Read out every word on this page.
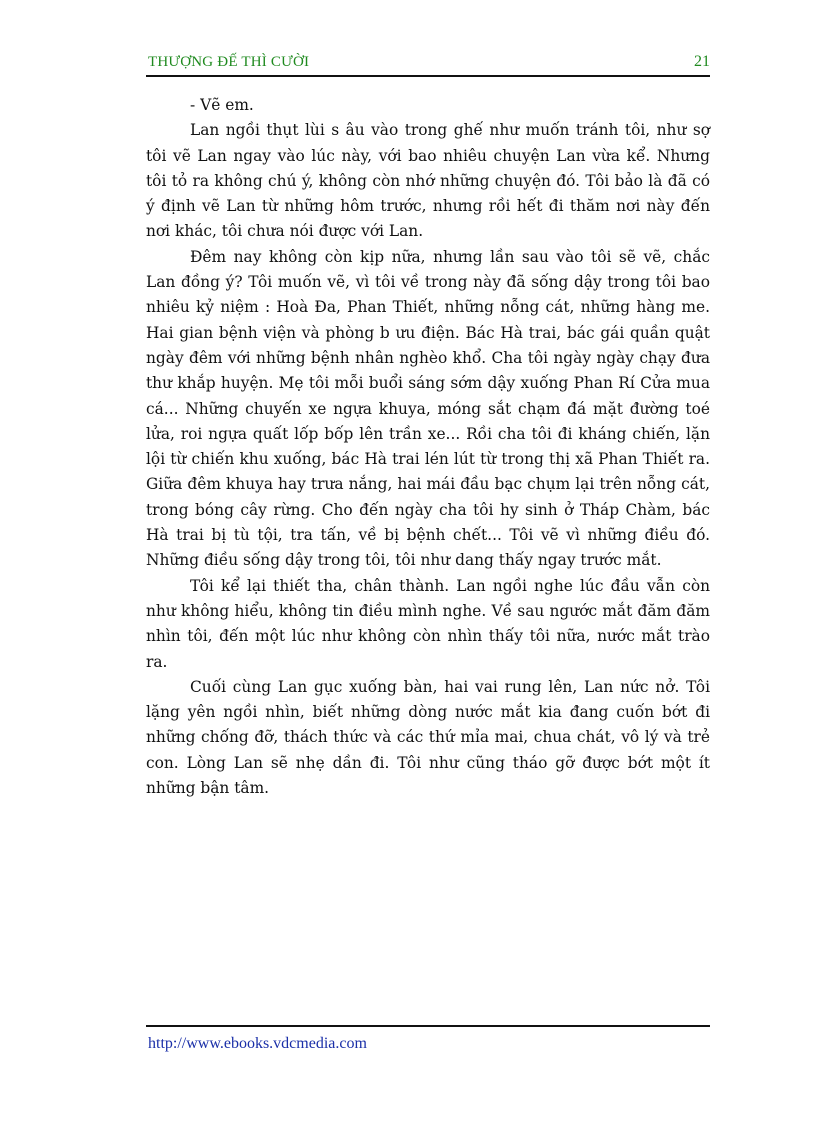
THƯỢNG ĐẾ THÌ CƯỜI	21

- Vẽ em.

Lan ngồi thụt lùi s âu vào trong ghế như muốn tránh tôi, như sợ tôi vẽ Lan ngay vào lúc này, với bao nhiêu chuyện Lan vừa kể. Nhưng tôi tỏ ra không chú ý, không còn nhớ những chuyện đó. Tôi bảo là đã có ý định vẽ Lan từ những hôm trước, nhưng rồi hết đi thăm nơi này đến nơi khác, tôi chưa nói được với Lan.

Đêm nay không còn kịp nữa, nhưng lần sau vào tôi sẽ vẽ, chắc Lan đồng ý? Tôi muốn vẽ, vì tôi về trong này đã sống dậy trong tôi bao nhiêu kỷ niệm : Hoà Đa, Phan Thiết, những nỗng cát, những hàng me. Hai gian bệnh viện và phòng b ưu điện. Bác Hà trai, bác gái quần quật ngày đêm với những bệnh nhân nghèo khổ. Cha tôi ngày ngày chạy đưa thư khắp huyện. Mẹ tôi mỗi buổi sáng sớm dậy xuống Phan Rí Cửa mua cá... Những chuyến xe ngựa khuya, móng sắt chạm đá mặt đường toé lửa, roi ngựa quất lốp bốp lên trần xe... Rồi cha tôi đi kháng chiến, lặn lội từ chiến khu xuống, bác Hà trai lén lút từ trong thị xã Phan Thiết ra. Giữa đêm khuya hay trưa nắng, hai mái đầu bạc chụm lại trên nỗng cát, trong bóng cây rừng. Cho đến ngày cha tôi hy sinh ở Tháp Chàm, bác Hà trai bị tù tội, tra tấn, về bị bệnh chết... Tôi vẽ vì những điều đó. Những điều sống dậy trong tôi, tôi như dang thấy ngay trước mắt.

Tôi kể lại thiết tha, chân thành. Lan ngồi nghe lúc đầu vẫn còn như không hiểu, không tin điều mình nghe. Về sau ngước mắt đăm đăm nhìn tôi, đến một lúc như không còn nhìn thấy tôi nữa, nước mắt trào ra.

Cuối cùng Lan gục xuống bàn, hai vai rung lên, Lan nức nở. Tôi lặng yên ngồi nhìn, biết những dòng nước mắt kia đang cuốn bớt đi những chống đỡ, thách thức và các thứ mỉa mai, chua chát, vô lý và trẻ con. Lòng Lan sẽ nhẹ dần đi. Tôi như cũng tháo gỡ được bớt một ít những bận tâm.

http://www.ebooks.vdcmedia.com
